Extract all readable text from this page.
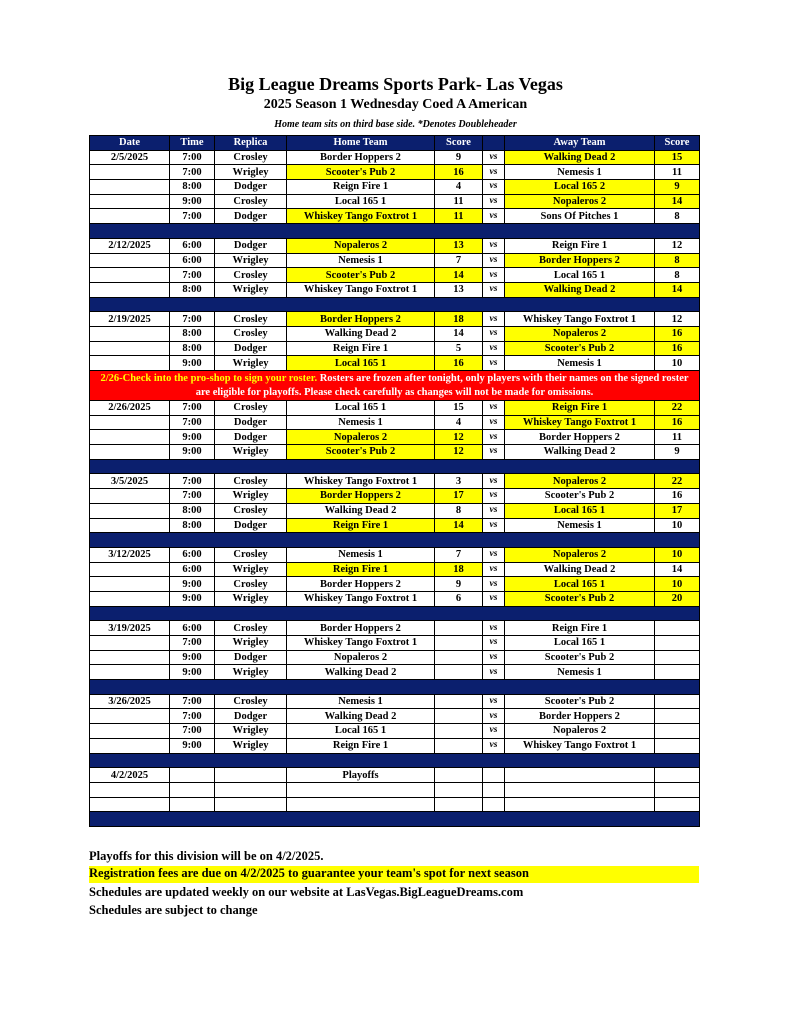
Big League Dreams Sports Park- Las Vegas
2025 Season 1 Wednesday Coed A American
Home team sits on third base side. *Denotes Doubleheader
Date	Time	Replica	Home Team	Score		Away Team	Score
2/5/2025	7:00	Crosley	Border Hoppers 2	9	vs	Walking Dead 2	15
	7:00	Wrigley	Scooter's Pub 2	16	vs	Nemesis 1	11
	8:00	Dodger	Reign Fire 1	4	vs	Local 165 2	9
	9:00	Crosley	Local 165 1	11	vs	Nopaleros 2	14
	7:00	Dodger	Whiskey Tango Foxtrot 1	11	vs	Sons Of Pitches 1	8

2/12/2025	6:00	Dodger	Nopaleros 2	13	vs	Reign Fire 1	12
	6:00	Wrigley	Nemesis 1	7	vs	Border Hoppers 2	8
	7:00	Crosley	Scooter's Pub 2	14	vs	Local 165 1	8
	8:00	Wrigley	Whiskey Tango Foxtrot 1	13	vs	Walking Dead 2	14

2/19/2025	7:00	Crosley	Border Hoppers 2	18	vs	Whiskey Tango Foxtrot 1	12
	8:00	Crosley	Walking Dead 2	14	vs	Nopaleros 2	16
	8:00	Dodger	Reign Fire 1	5	vs	Scooter's Pub 2	16
	9:00	Wrigley	Local 165 1	16	vs	Nemesis 1	10
2/26-Check into the pro-shop to sign your roster. Rosters are frozen after tonight, only players with their names on the signed roster are eligible for playoffs. Please check carefully as changes will not be made for omissions.							
2/26/2025	7:00	Crosley	Local 165 1	15	vs	Reign Fire 1	22
	7:00	Dodger	Nemesis 1	4	vs	Whiskey Tango Foxtrot 1	16
	9:00	Dodger	Nopaleros 2	12	vs	Border Hoppers 2	11
	9:00	Wrigley	Scooter's Pub 2	12	vs	Walking Dead 2	9

3/5/2025	7:00	Crosley	Whiskey Tango Foxtrot 1	3	vs	Nopaleros 2	22
	7:00	Wrigley	Border Hoppers 2	17	vs	Scooter's Pub 2	16
	8:00	Crosley	Walking Dead 2	8	vs	Local 165 1	17
	8:00	Dodger	Reign Fire 1	14	vs	Nemesis 1	10

3/12/2025	6:00	Crosley	Nemesis 1	7	vs	Nopaleros 2	10
	6:00	Wrigley	Reign Fire 1	18	vs	Walking Dead 2	14
	9:00	Crosley	Border Hoppers 2	9	vs	Local 165 1	10
	9:00	Wrigley	Whiskey Tango Foxtrot 1	6	vs	Scooter's Pub 2	20

3/19/2025	6:00	Crosley	Border Hoppers 2		vs	Reign Fire 1	
	7:00	Wrigley	Whiskey Tango Foxtrot 1		vs	Local 165 1	
	9:00	Dodger	Nopaleros 2		vs	Scooter's Pub 2	
	9:00	Wrigley	Walking Dead 2		vs	Nemesis 1	

3/26/2025	7:00	Crosley	Nemesis 1		vs	Scooter's Pub 2	
	7:00	Dodger	Walking Dead 2		vs	Border Hoppers 2	
	7:00	Wrigley	Local 165 1		vs	Nopaleros 2	
	9:00	Wrigley	Reign Fire 1		vs	Whiskey Tango Foxtrot 1	

4/2/2025			Playoffs				

Playoffs for this division will be on 4/2/2025.
Registration fees are due on 4/2/2025 to guarantee your team's spot for next season
Schedules are updated weekly on our website at LasVegas.BigLeagueDreams.com
Schedules are subject to change
